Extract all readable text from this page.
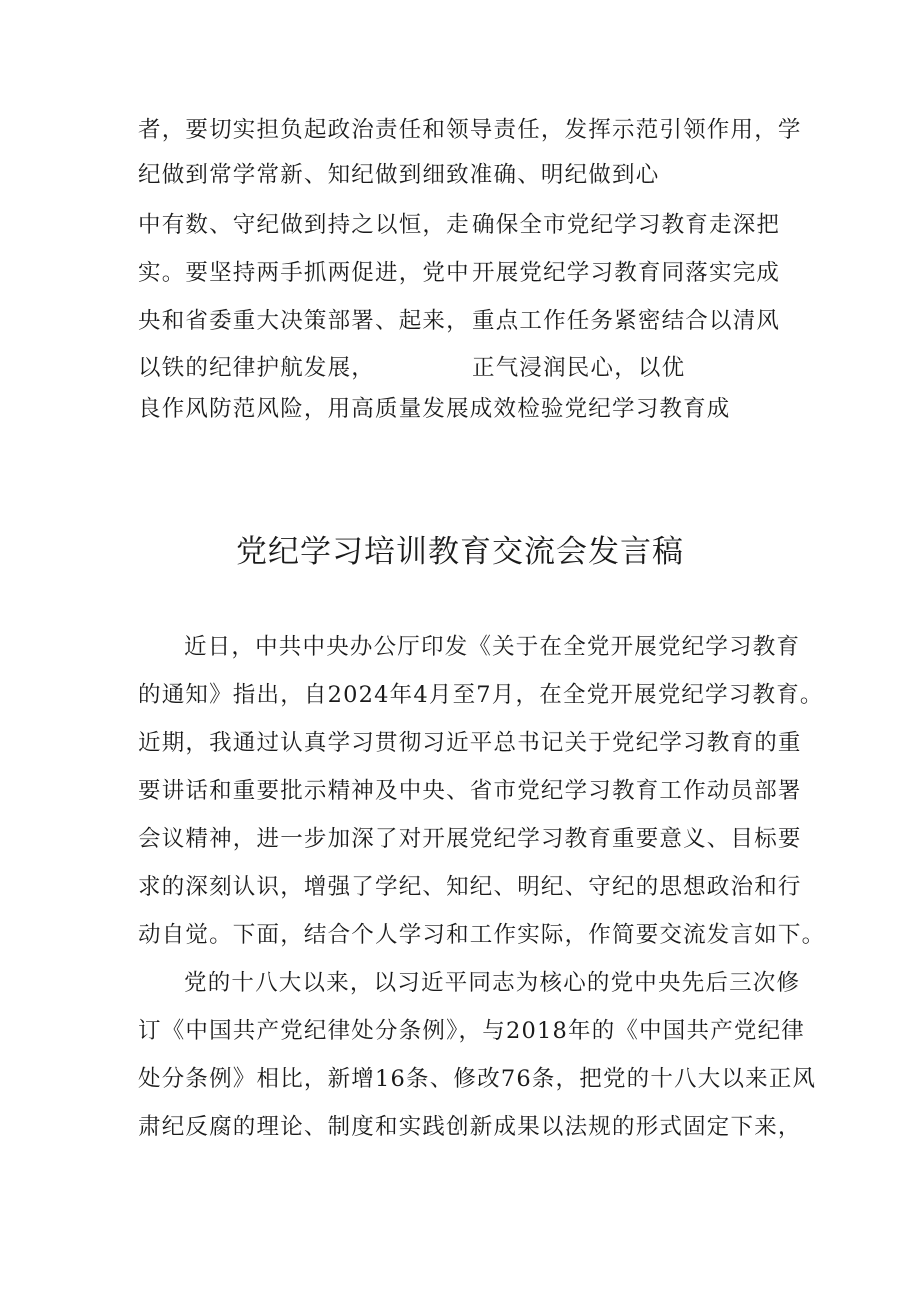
者，要切实担负起政治责任和领导责任，发挥示范引领作用，学
纪做到常学常新、知纪做到细致准确、明纪做到心
中有数、守纪做到持之以恒，走 确保全市党纪学习教育走深把
实。要坚持两手抓两促进，党中 开展党纪学习教育同落实完成
央和省委重大决策部署、起来， 重点工作任务紧密结合以清风
以铁的纪律护航发展，	正气浸润民心，以优
良作风防范风险，用高质量发展成效检验党纪学习教育成
党纪学习培训教育交流会发言稿
近日，中共中央办公厅印发《关于在全党开展党纪学习教育
的通知》指出，自2024年4月至7月，在全党开展党纪学习教育。
近期，我通过认真学习贯彻习近平总书记关于党纪学习教育的重
要讲话和重要批示精神及中央、省市党纪学习教育工作动员部署
会议精神，进一步加深了对开展党纪学习教育重要意义、目标要
求的深刻认识，增强了学纪、知纪、明纪、守纪的思想政治和行
动自觉。下面，结合个人学习和工作实际，作简要交流发言如下。
党的十八大以来，以习近平同志为核心的党中央先后三次修
订《中国共产党纪律处分条例》，与2018年的《中国共产党纪律
处分条例》相比，新增16条、修改76条，把党的十八大以来正风
肃纪反腐的理论、制度和实践创新成果以法规的形式固定下来，
